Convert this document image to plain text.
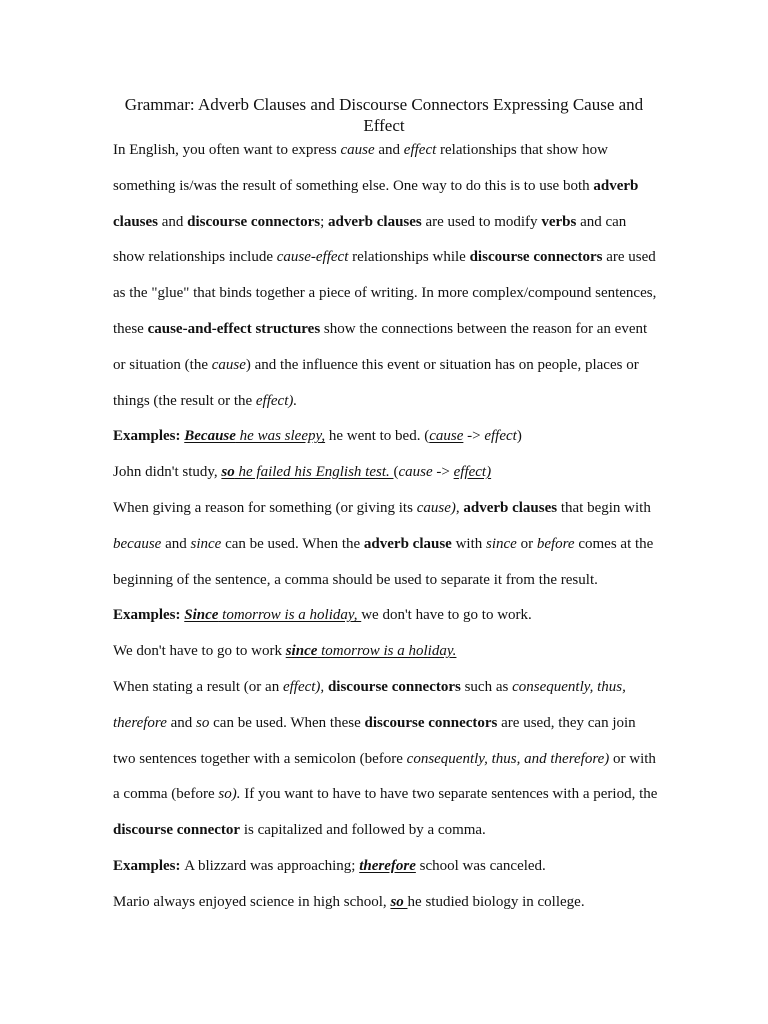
Grammar: Adverb Clauses and Discourse Connectors Expressing Cause and Effect

In English, you often want to express cause and effect relationships that show how something is/was the result of something else. One way to do this is to use both adverb clauses and discourse connectors; adverb clauses are used to modify verbs and can show relationships include cause-effect relationships while discourse connectors are used as the "glue" that binds together a piece of writing. In more complex/compound sentences, these cause-and-effect structures show the connections between the reason for an event or situation (the cause) and the influence this event or situation has on people, places or things (the result or the effect).

Examples: Because he was sleepy, he went to bed. (cause -> effect)

John didn't study, so he failed his English test. (cause -> effect)

When giving a reason for something (or giving its cause), adverb clauses that begin with because and since can be used. When the adverb clause with since or before comes at the beginning of the sentence, a comma should be used to separate it from the result.

Examples: Since tomorrow is a holiday, we don't have to go to work.

We don't have to go to work since tomorrow is a holiday.

When stating a result (or an effect), discourse connectors such as consequently, thus, therefore and so can be used. When these discourse connectors are used, they can join two sentences together with a semicolon (before consequently, thus, and therefore) or with a comma (before so). If you want to have to have two separate sentences with a period, the discourse connector is capitalized and followed by a comma.

Examples: A blizzard was approaching; therefore school was canceled.

Mario always enjoyed science in high school, so he studied biology in college.
